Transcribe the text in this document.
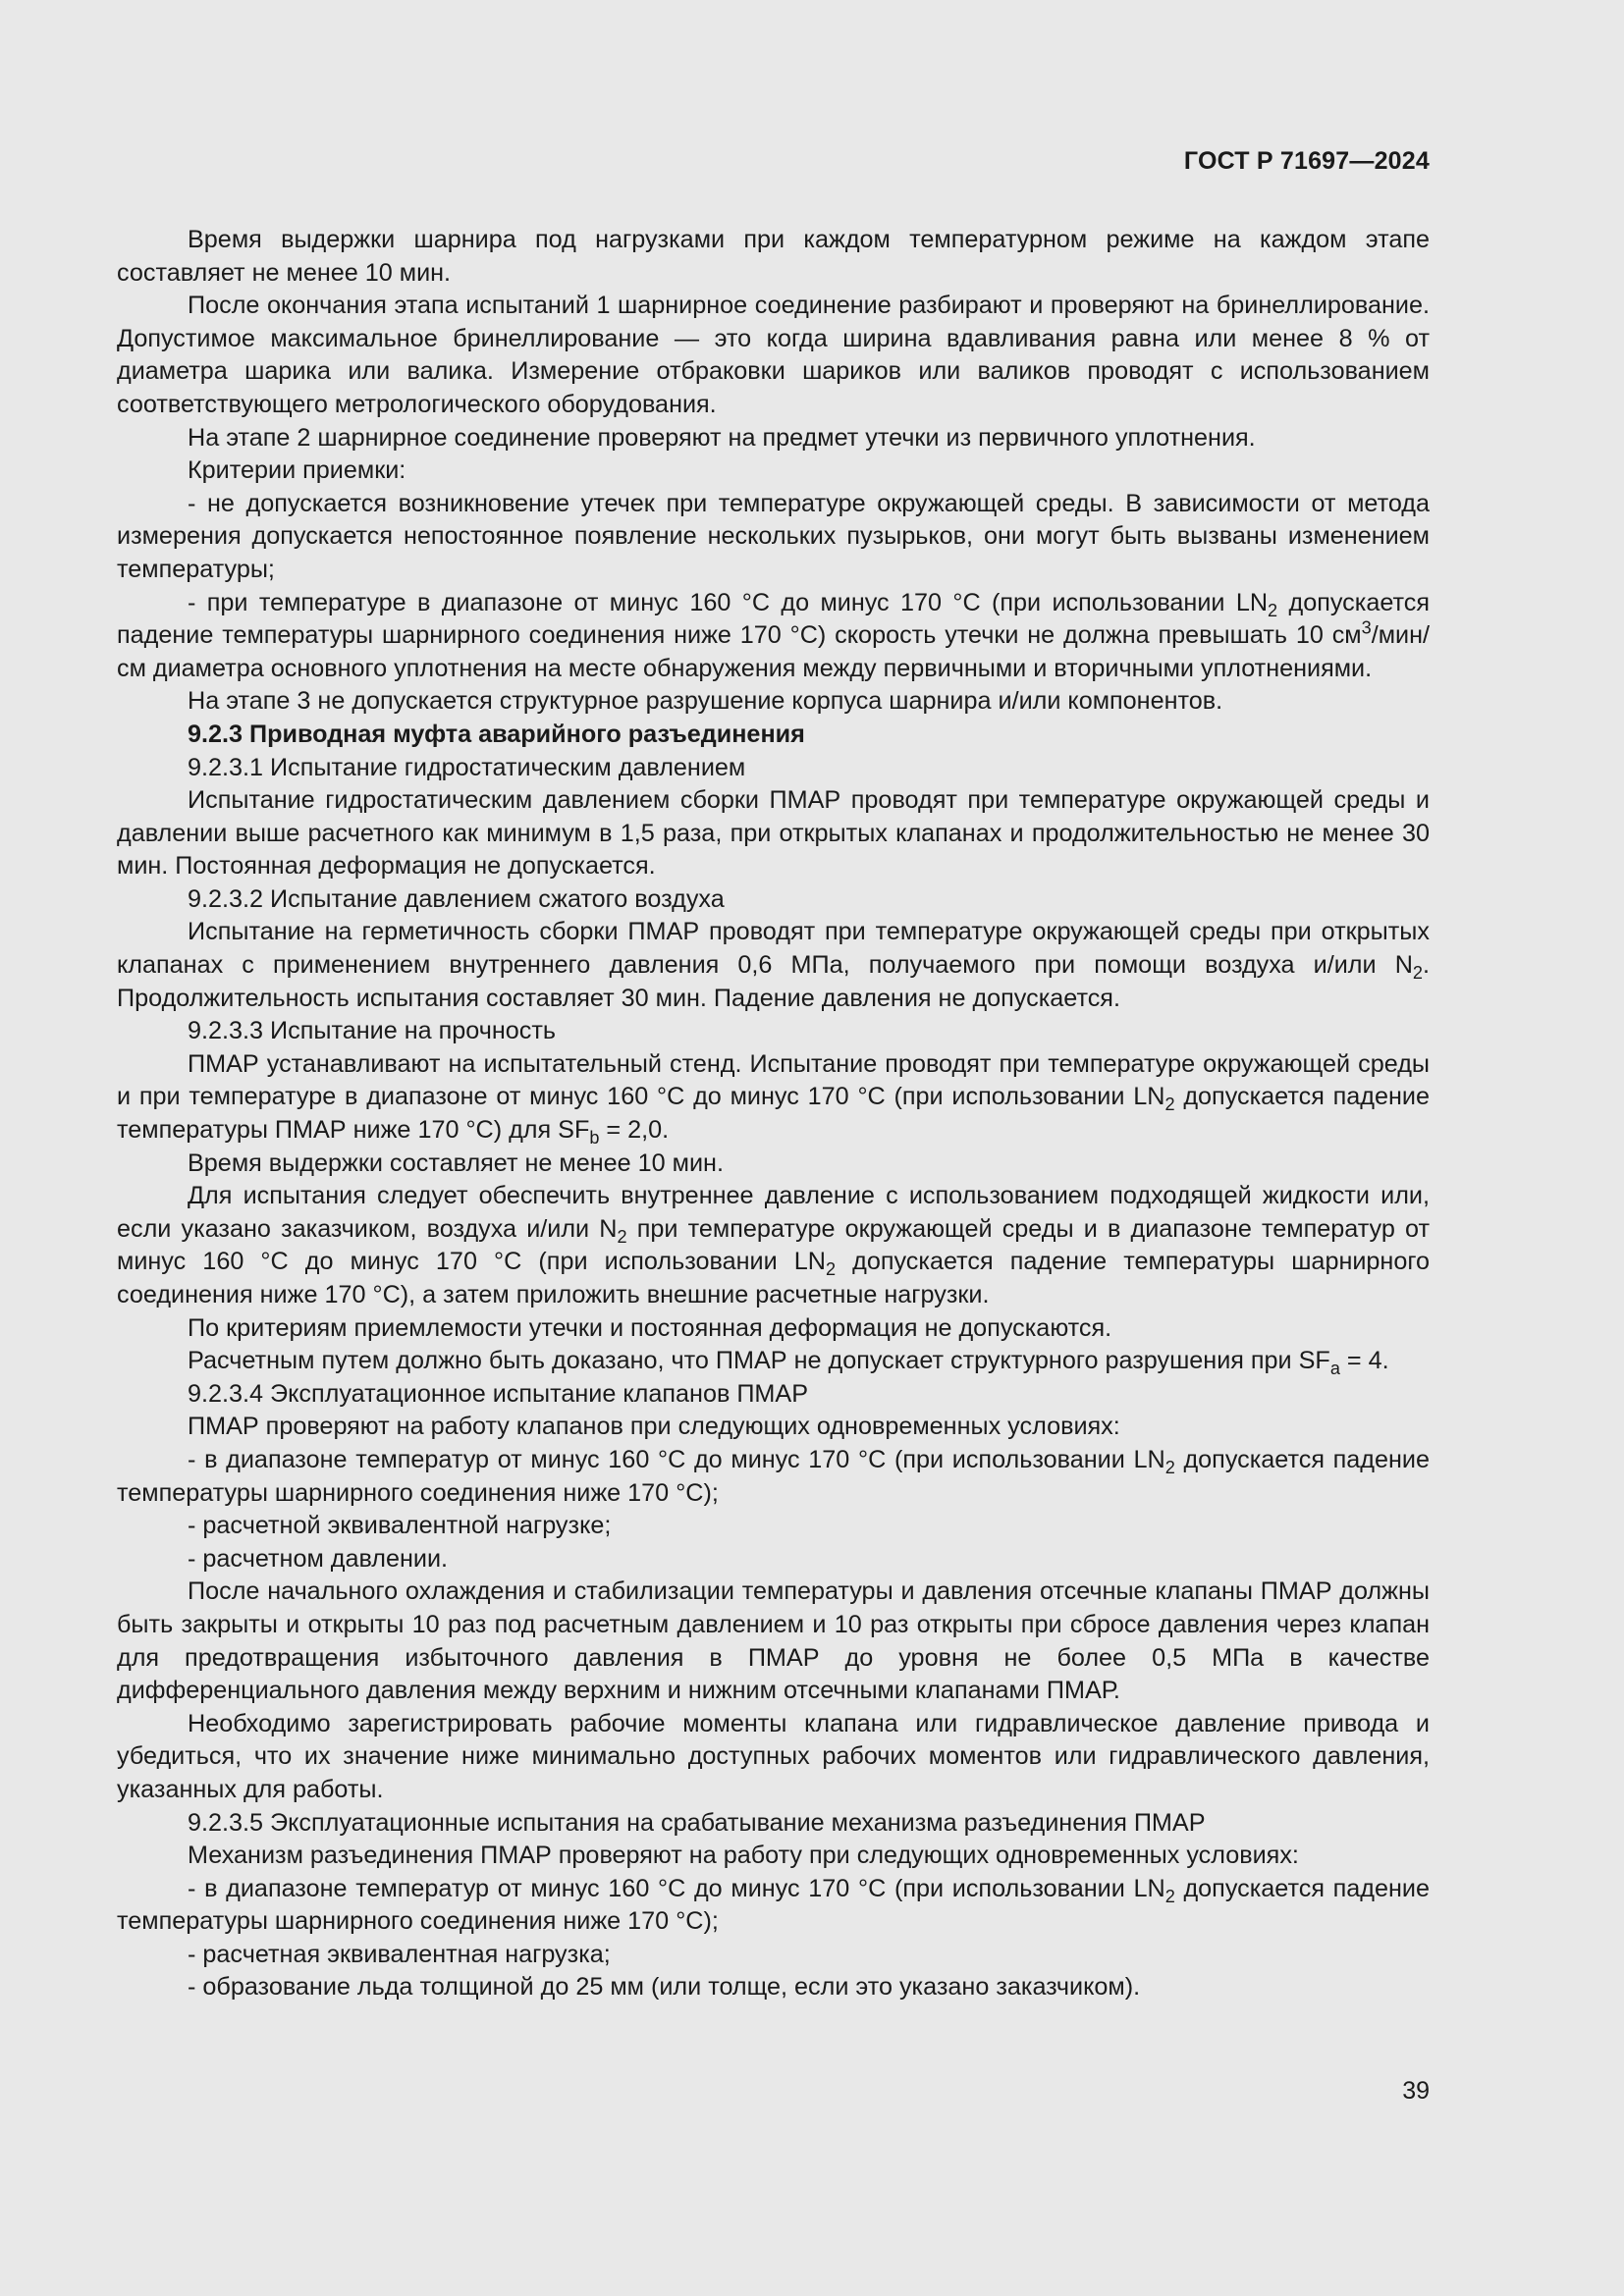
ГОСТ Р 71697—2024

Время выдержки шарнира под нагрузками при каждом температурном режиме на каждом этапе составляет не менее 10 мин.

После окончания этапа испытаний 1 шарнирное соединение разбирают и проверяют на бринеллирование. Допустимое максимальное бринеллирование — это когда ширина вдавливания равна или менее 8 % от диаметра шарика или валика. Измерение отбраковки шариков или валиков проводят с использованием соответствующего метрологического оборудования.

На этапе 2 шарнирное соединение проверяют на предмет утечки из первичного уплотнения.

Критерии приемки:

- не допускается возникновение утечек при температуре окружающей среды. В зависимости от метода измерения допускается непостоянное появление нескольких пузырьков, они могут быть вызваны изменением температуры;

- при температуре в диапазоне от минус 160 °С до минус 170 °С (при использовании $LN_2$ допускается падение температуры шарнирного соединения ниже 170 °С) скорость утечки не должна превышать 10 $см^3/мин/см$ диаметра основного уплотнения на месте обнаружения между первичными и вторичными уплотнениями.

На этапе 3 не допускается структурное разрушение корпуса шарнира и/или компонентов.

9.2.3 Приводная муфта аварийного разъединения

9.2.3.1 Испытание гидростатическим давлением

Испытание гидростатическим давлением сборки ПМАР проводят при температуре окружающей среды и давлении выше расчетного как минимум в 1,5 раза, при открытых клапанах и продолжительностью не менее 30 мин. Постоянная деформация не допускается.

9.2.3.2 Испытание давлением сжатого воздуха

Испытание на герметичность сборки ПМАР проводят при температуре окружающей среды при открытых клапанах с применением внутреннего давления 0,6 МПа, получаемого при помощи воздуха и/или $N_2$. Продолжительность испытания составляет 30 мин. Падение давления не допускается.

9.2.3.3 Испытание на прочность

ПМАР устанавливают на испытательный стенд. Испытание проводят при температуре окружающей среды и при температуре в диапазоне от минус 160 °С до минус 170 °С (при использовании $LN_2$ допускается падение температуры ПМАР ниже 170 °С) для $SF_b = 2,0$.

Время выдержки составляет не менее 10 мин.

Для испытания следует обеспечить внутреннее давление с использованием подходящей жидкости или, если указано заказчиком, воздуха и/или $N_2$ при температуре окружающей среды и в диапазоне температур от минус 160 °С до минус 170 °С (при использовании $LN_2$ допускается падение температуры шарнирного соединения ниже 170 °С), а затем приложить внешние расчетные нагрузки.

По критериям приемлемости утечки и постоянная деформация не допускаются.

Расчетным путем должно быть доказано, что ПМАР не допускает структурного разрушения при $SF_a = 4$.

9.2.3.4 Эксплуатационное испытание клапанов ПМАР

ПМАР проверяют на работу клапанов при следующих одновременных условиях:

- в диапазоне температур от минус 160 °С до минус 170 °С (при использовании $LN_2$ допускается падение температуры шарнирного соединения ниже 170 °С);

- расчетной эквивалентной нагрузке;

- расчетном давлении.

После начального охлаждения и стабилизации температуры и давления отсечные клапаны ПМАР должны быть закрыты и открыты 10 раз под расчетным давлением и 10 раз открыты при сбросе давления через клапан для предотвращения избыточного давления в ПМАР до уровня не более 0,5 МПа в качестве дифференциального давления между верхним и нижним отсечными клапанами ПМАР.

Необходимо зарегистрировать рабочие моменты клапана или гидравлическое давление привода и убедиться, что их значение ниже минимально доступных рабочих моментов или гидравлического давления, указанных для работы.

9.2.3.5 Эксплуатационные испытания на срабатывание механизма разъединения ПМАР

Механизм разъединения ПМАР проверяют на работу при следующих одновременных условиях:

- в диапазоне температур от минус 160 °С до минус 170 °С (при использовании $LN_2$ допускается падение температуры шарнирного соединения ниже 170 °С);

- расчетная эквивалентная нагрузка;

- образование льда толщиной до 25 мм (или толще, если это указано заказчиком).

39
